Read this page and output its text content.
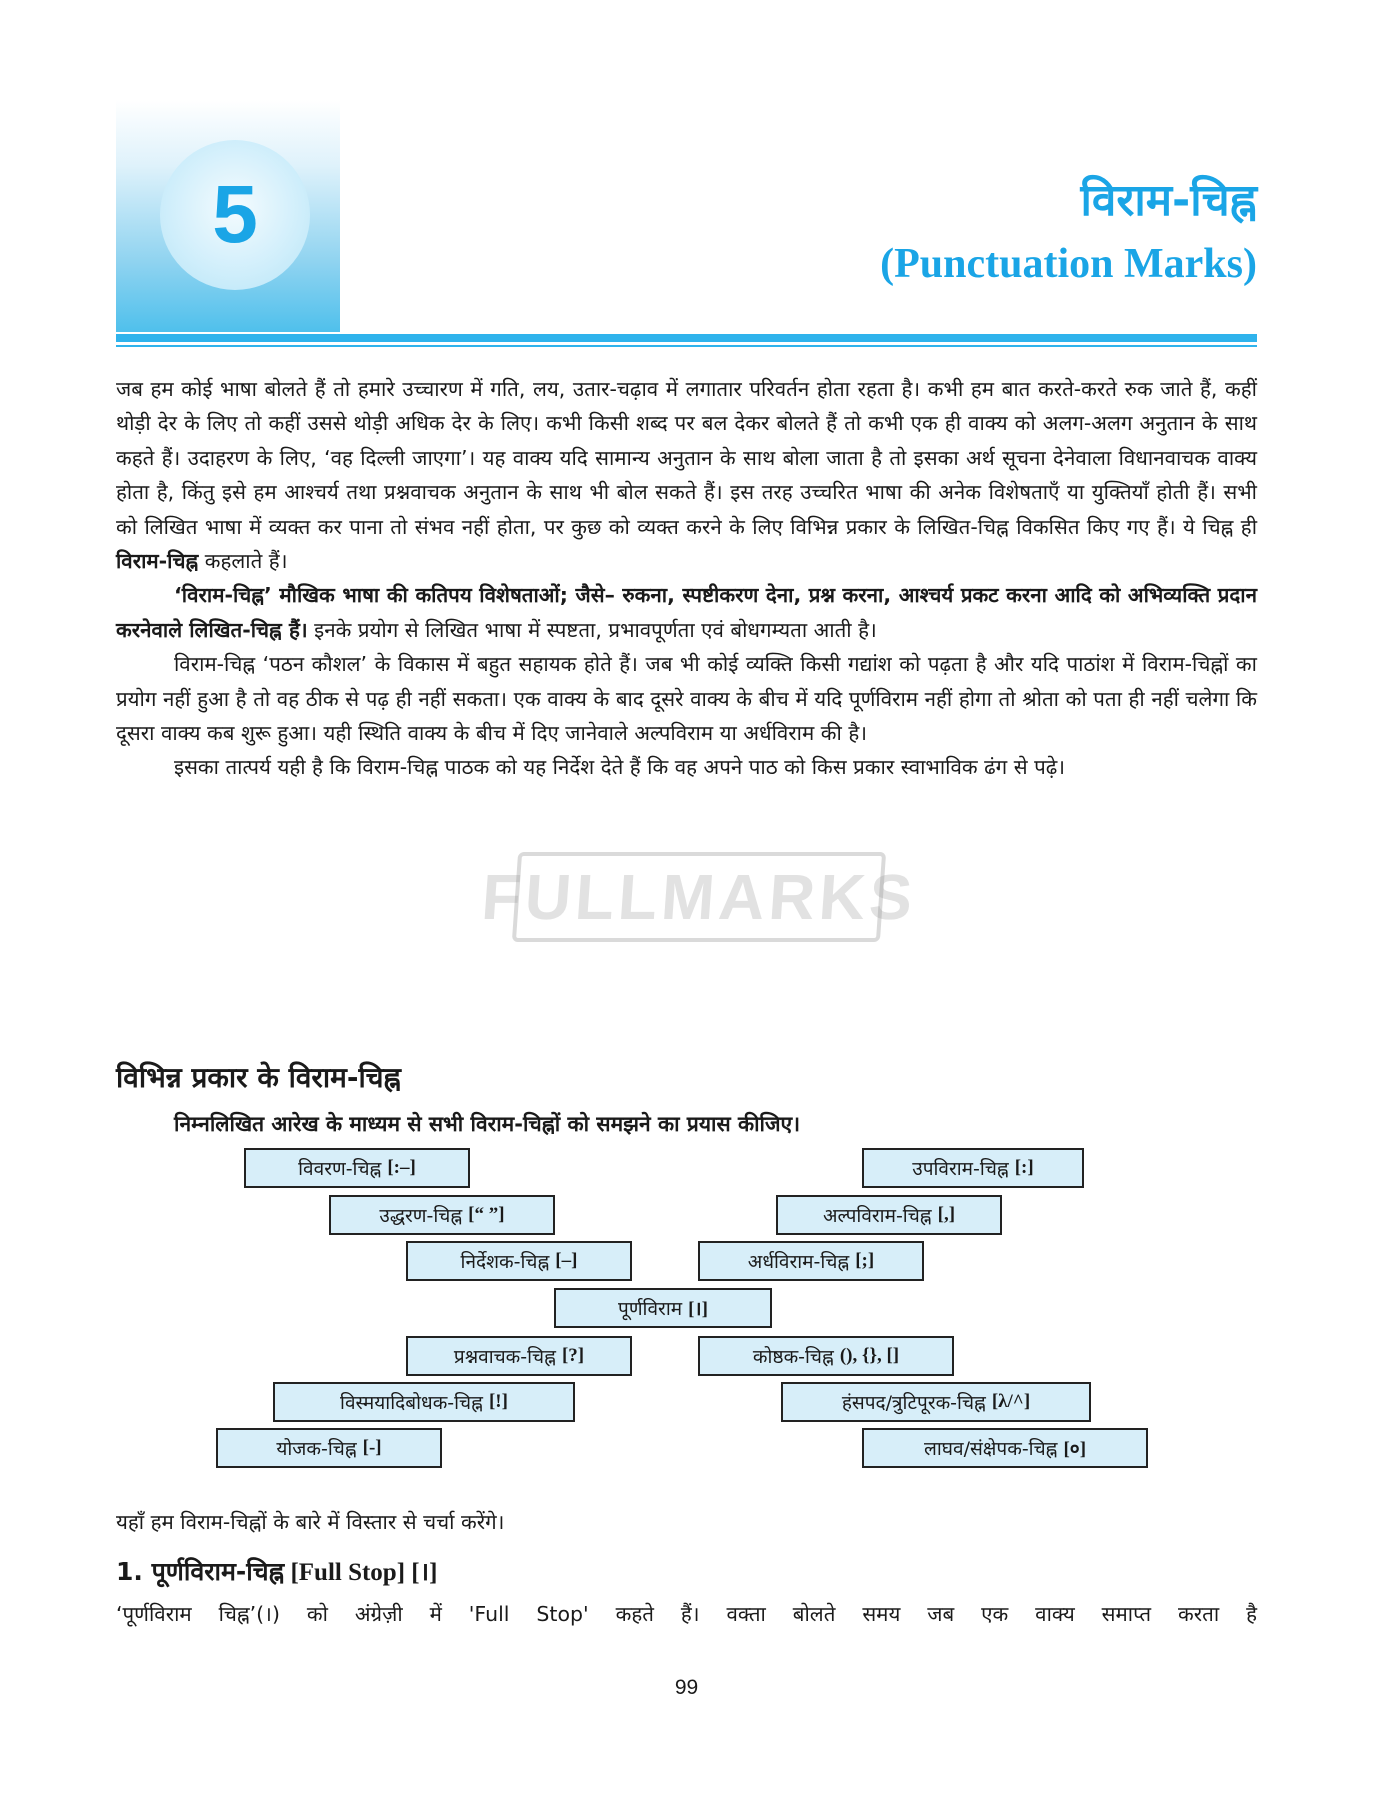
5	विराम-चिह्न
(Punctuation Marks)

जब हम कोई भाषा बोलते हैं तो हमारे उच्चारण में गति, लय, उतार-चढ़ाव में लगातार परिवर्तन होता रहता है। कभी हम बात करते-करते रुक जाते हैं, कहीं थोड़ी देर के लिए तो कहीं उससे थोड़ी अधिक देर के लिए। कभी किसी शब्द पर बल देकर बोलते हैं तो कभी एक ही वाक्य को अलग-अलग अनुतान के साथ कहते हैं। उदाहरण के लिए, ‘वह दिल्ली जाएगा’। यह वाक्य यदि सामान्य अनुतान के साथ बोला जाता है तो इसका अर्थ सूचना देनेवाला विधानवाचक वाक्य होता है, किंतु इसे हम आश्चर्य तथा प्रश्नवाचक अनुतान के साथ भी बोल सकते हैं। इस तरह उच्चरित भाषा की अनेक विशेषताएँ या युक्तियाँ होती हैं। सभी को लिखित भाषा में व्यक्त कर पाना तो संभव नहीं होता, पर कुछ को व्यक्त करने के लिए विभिन्न प्रकार के लिखित-चिह्न विकसित किए गए हैं। ये चिह्न ही विराम-चिह्न कहलाते हैं।

‘विराम-चिह्न’ मौखिक भाषा की कतिपय विशेषताओं; जैसे– रुकना, स्पष्टीकरण देना, प्रश्न करना, आश्चर्य प्रकट करना आदि को अभिव्यक्ति प्रदान करनेवाले लिखित-चिह्न हैं। इनके प्रयोग से लिखित भाषा में स्पष्टता, प्रभावपूर्णता एवं बोधगम्यता आती है।

विराम-चिह्न ‘पठन कौशल’ के विकास में बहुत सहायक होते हैं। जब भी कोई व्यक्ति किसी गद्यांश को पढ़ता है और यदि पाठांश में विराम-चिह्नों का प्रयोग नहीं हुआ है तो वह ठीक से पढ़ ही नहीं सकता। एक वाक्य के बाद दूसरे वाक्य के बीच में यदि पूर्णविराम नहीं होगा तो श्रोता को पता ही नहीं चलेगा कि दूसरा वाक्य कब शुरू हुआ। यही स्थिति वाक्य के बीच में दिए जानेवाले अल्पविराम या अर्धविराम की है।

इसका तात्पर्य यही है कि विराम-चिह्न पाठक को यह निर्देश देते हैं कि वह अपने पाठ को किस प्रकार स्वाभाविक ढंग से पढ़े।

FULLMARKS
विभिन्न प्रकार के विराम-चिह्न
निम्नलिखित आरेख के माध्यम से सभी विराम-चिह्नों को समझने का प्रयास कीजिए।
विवरण-चिह्न [:–]
उद्धरण-चिह्न [“ ”]
निर्देशक-चिह्न [–]
पूर्णविराम [।]
प्रश्नवाचक-चिह्न [?]
विस्मयादिबोधक-चिह्न [!]
योजक-चिह्न [-]
उपविराम-चिह्न [:]
अल्पविराम-चिह्न [,]
अर्धविराम-चिह्न [;]
कोष्ठक-चिह्न (), {}, []
हंसपद/त्रुटिपूरक-चिह्न [λ/^]
लाघव/संक्षेपक-चिह्न [०]
यहाँ हम विराम-चिह्नों के बारे में विस्तार से चर्चा करेंगे।
1. पूर्णविराम-चिह्न [Full Stop] [।]
‘पूर्णविराम चिह्न’(।) को अंग्रेज़ी में 'Full Stop' कहते हैं। वक्ता बोलते समय जब एक वाक्य समाप्त करता है
99
